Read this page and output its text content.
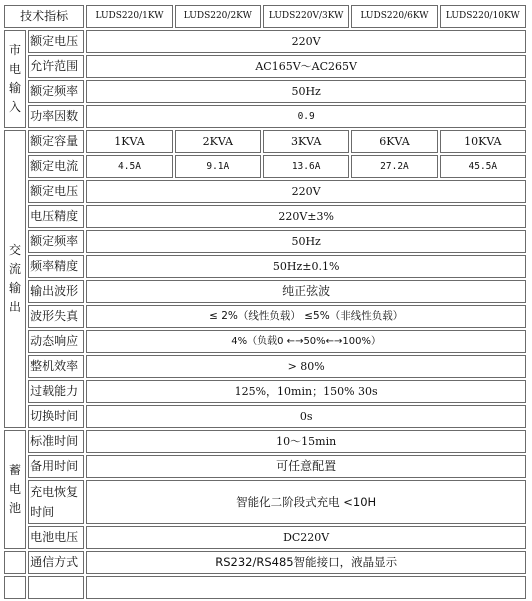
技术指标		LUDS220/1KW	LUDS220/2KW	LUDS220V/3KW	LUDS220/6KW	LUDS220/10KW
市电输入	额定电压	220V				
	允许范围	AC165V～AC265V				
	额定频率	50Hz				
	功率因数	0.9				
交流输出	额定容量	1KVA	2KVA	3KVA	6KVA	10KVA
	额定电流	4.5A	9.1A	13.6A	27.2A	45.5A
	额定电压	220V				
	电压精度	220V±3%				
	额定频率	50Hz				
	频率精度	50Hz±0.1%				
	输出波形	纯正弦波				
	波形失真	≤ 2%（线性负载） ≤5%（非线性负载）				
	动态响应	4%（负载0 ←→50%←→100%）				
	整机效率	> 80%				
	过载能力	125%，10min；150% 30s				
	切换时间	0s				
蓄电池	标准时间	10～15min				
	备用时间	可任意配置				
	充电恢复时间	智能化二阶段式充电 <10H				
	电池电压	DC220V				
	通信方式	RS232/RS485智能接口，液晶显示				
